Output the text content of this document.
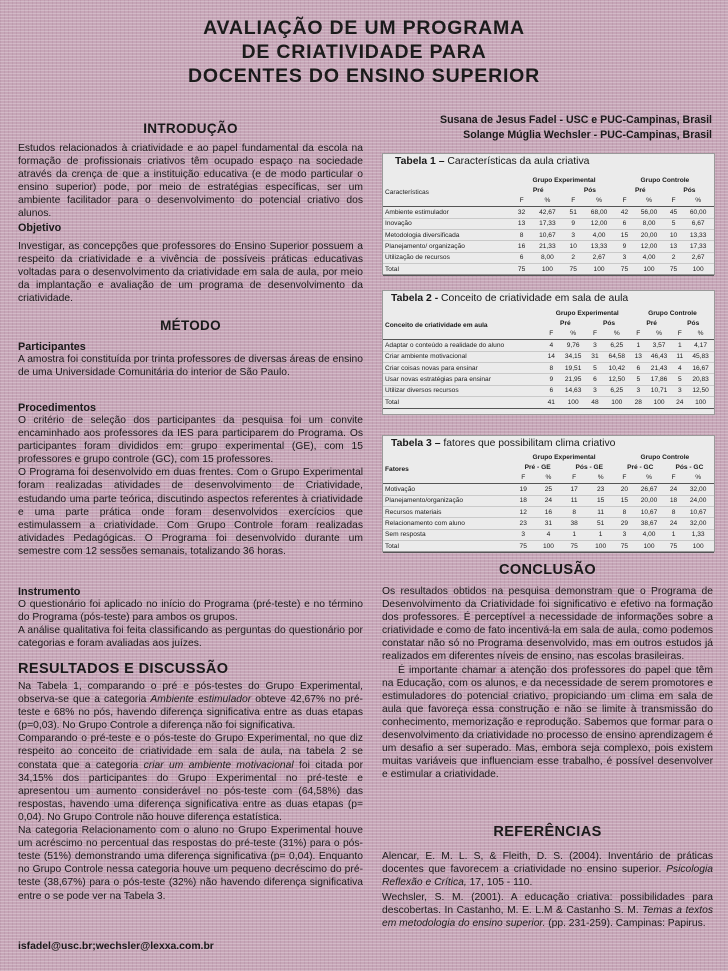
AVALIAÇÃO DE UM PROGRAMA
DE CRIATIVIDADE PARA
DOCENTES DO ENSINO SUPERIOR
Susana de Jesus Fadel - USC e PUC-Campinas, Brasil
Solange Múglia Wechsler - PUC-Campinas, Brasil
INTRODUÇÃO
Estudos relacionados à criatividade e ao papel fundamental da escola na formação de profissionais criativos têm ocupado espaço na sociedade através da crença de que a instituição educativa (e de modo particular o ensino superior) pode, por meio de estratégias específicas, ser um ambiente facilitador para o desenvolvimento do potencial criativo dos alunos.
Objetivo
Investigar, as concepções que professores do Ensino Superior possuem a respeito da criatividade e a vivência de possíveis práticas educativas voltadas para o desenvolvimento da criatividade em sala de aula, por meio da implantação e avaliação de um programa de desenvolvimento da criatividade.
MÉTODO
Participantes
A amostra foi constituída por trinta professores de diversas áreas de ensino de uma Universidade Comunitária do interior de São Paulo.
Procedimentos

O critério de seleção dos participantes da pesquisa foi um convite encaminhado aos professores da IES para participarem do Programa. Os participantes foram divididos em: grupo experimental (GE), com 15 professores e grupo controle (GC), com 15 professores.

O Programa foi desenvolvido em duas frentes. Com o Grupo Experimental foram realizadas atividades de desenvolvimento de Criatividade, estudando uma parte teórica, discutindo aspectos referentes à criatividade e uma parte prática onde foram desenvolvidos exercícios que estimulassem a criatividade. Com Grupo Controle foram realizadas atividades Pedagógicas. O Programa foi desenvolvido durante um semestre com 12 sessões semanais, totalizando 36 horas.

Instrumento

O questionário foi aplicado no início do Programa (pré-teste) e no término do Programa (pós-teste) para ambos os grupos.

A análise qualitativa foi feita classificando as perguntas do questionário por categorias e foram avaliadas aos juízes.

RESULTADOS E DISCUSSÃO

Na Tabela 1, comparando o pré e pós-testes do Grupo Experimental, observa-se que a categoria Ambiente estimulador obteve 42,67% no pré-teste e 68% no pós, havendo diferença significativa entre as duas etapas (p=0,03). No Grupo Controle a diferença não foi significativa.

Comparando o pré-teste e o pós-teste do Grupo Experimental, no que diz respeito ao conceito de criatividade em sala de aula, na tabela 2 se constata que a categoria criar um ambiente motivacional foi citada por 34,15% dos participantes do Grupo Experimental no pré-teste e apresentou um aumento considerável no pós-teste com (64,58%) das respostas, havendo uma diferença significativa entre as duas etapas (p= 0,04). No Grupo Controle não houve diferença estatística.

Na categoria Relacionamento com o aluno no Grupo Experimental houve um acréscimo no percentual das respostas do pré-teste (31%) para o pós-teste (51%) demonstrando uma diferença significativa (p= 0,04). Enquanto no Grupo Controle nessa categoria houve um pequeno decréscimo do pré-teste (38,67%) para o pós-teste (32%) não havendo diferença significativa entre o se pode ver na Tabela 3.

isfadel@usc.br;wechsler@lexxa.com.br
Tabela 1 – Características da aula criativa
Características	Grupo Experimental				Grupo Controle			
	Pré		Pós		Pré		Pós	
	F	%	F	%	F	%	F	%
Ambiente estimulador	32	42,67	51	68,00	42	56,00	45	60,00
Inovação	13	17,33	9	12,00	6	8,00	5	6,67
Metodologia diversificada	8	10,67	3	4,00	15	20,00	10	13,33
Planejamento/ organização	16	21,33	10	13,33	9	12,00	13	17,33
Utilização de recursos	6	8,00	2	2,67	3	4,00	2	2,67
Total	75	100	75	100	75	100	75	100
Tabela 2 - Conceito de criatividade em sala de aula
Conceito de criatividade em aula	Grupo Experimental				Grupo Controle			
	Pré		Pós		Pré		Pós	
	F	%	F	%	F	%	F	%
Adaptar o conteúdo a realidade do aluno	4	9,76	3	6,25	1	3,57	1	4,17
Criar ambiente motivacional	14	34,15	31	64,58	13	46,43	11	45,83
Criar coisas novas para ensinar	8	19,51	5	10,42	6	21,43	4	16,67
Usar novas estratégias para ensinar	9	21,95	6	12,50	5	17,86	5	20,83
Utilizar diversos recursos	6	14,63	3	6,25	3	10,71	3	12,50
Total	41	100	48	100	28	100	24	100
Tabela 3 – fatores que possibilitam clima criativo
Fatores	Grupo Experimental				Grupo Controle			
	Pré - GE		Pós - GE		Pré - GC		Pós - GC	
	F	%	F	%	F	%	F	%
Motivação	19	25	17	23	20	26,67	24	32,00
Planejamento/organização	18	24	11	15	15	20,00	18	24,00
Recursos materiais	12	16	8	11	8	10,67	8	10,67
Relacionamento com aluno	23	31	38	51	29	38,67	24	32,00
Sem resposta	3	4	1	1	3	4,00	1	1,33
Total	75	100	75	100	75	100	75	100
CONCLUSÃO

Os resultados obtidos na pesquisa demonstram que o Programa de Desenvolvimento da Criatividade foi significativo e efetivo na formação dos professores. É perceptível a necessidade de informações sobre a criatividade e como de fato incentivá-la em sala de aula, como podemos constatar não só no Programa desenvolvido, mas em outros estudos já realizados em diferentes níveis de ensino, nas escolas brasileiras.

É importante chamar a atenção dos professores do papel que têm na Educação, com os alunos, e da necessidade de serem promotores e estimuladores do potencial criativo, propiciando um clima em sala de aula que favoreça essa construção e não se limite à transmissão do conhecimento, memorização e reprodução. Sabemos que formar para o desenvolvimento da criatividade no processo de ensino aprendizagem é um desafio a ser superado. Mas, embora seja complexo, pois existem muitas variáveis que influenciam esse trabalho, é possível desenvolver e estimular a criatividade.

REFERÊNCIAS

Alencar, E. M. L. S, & Fleith, D. S. (2004). Inventário de práticas docentes que favorecem a criatividade no ensino superior. Psicologia Reflexão e Crítica, 17, 105 - 110.

Wechsler, S. M. (2001). A educação criativa: possibilidades para descobertas. In Castanho, M. E. L.M & Castanho S. M. Temas a textos em metodologia do ensino superior. (pp. 231-259). Campinas: Papirus.
